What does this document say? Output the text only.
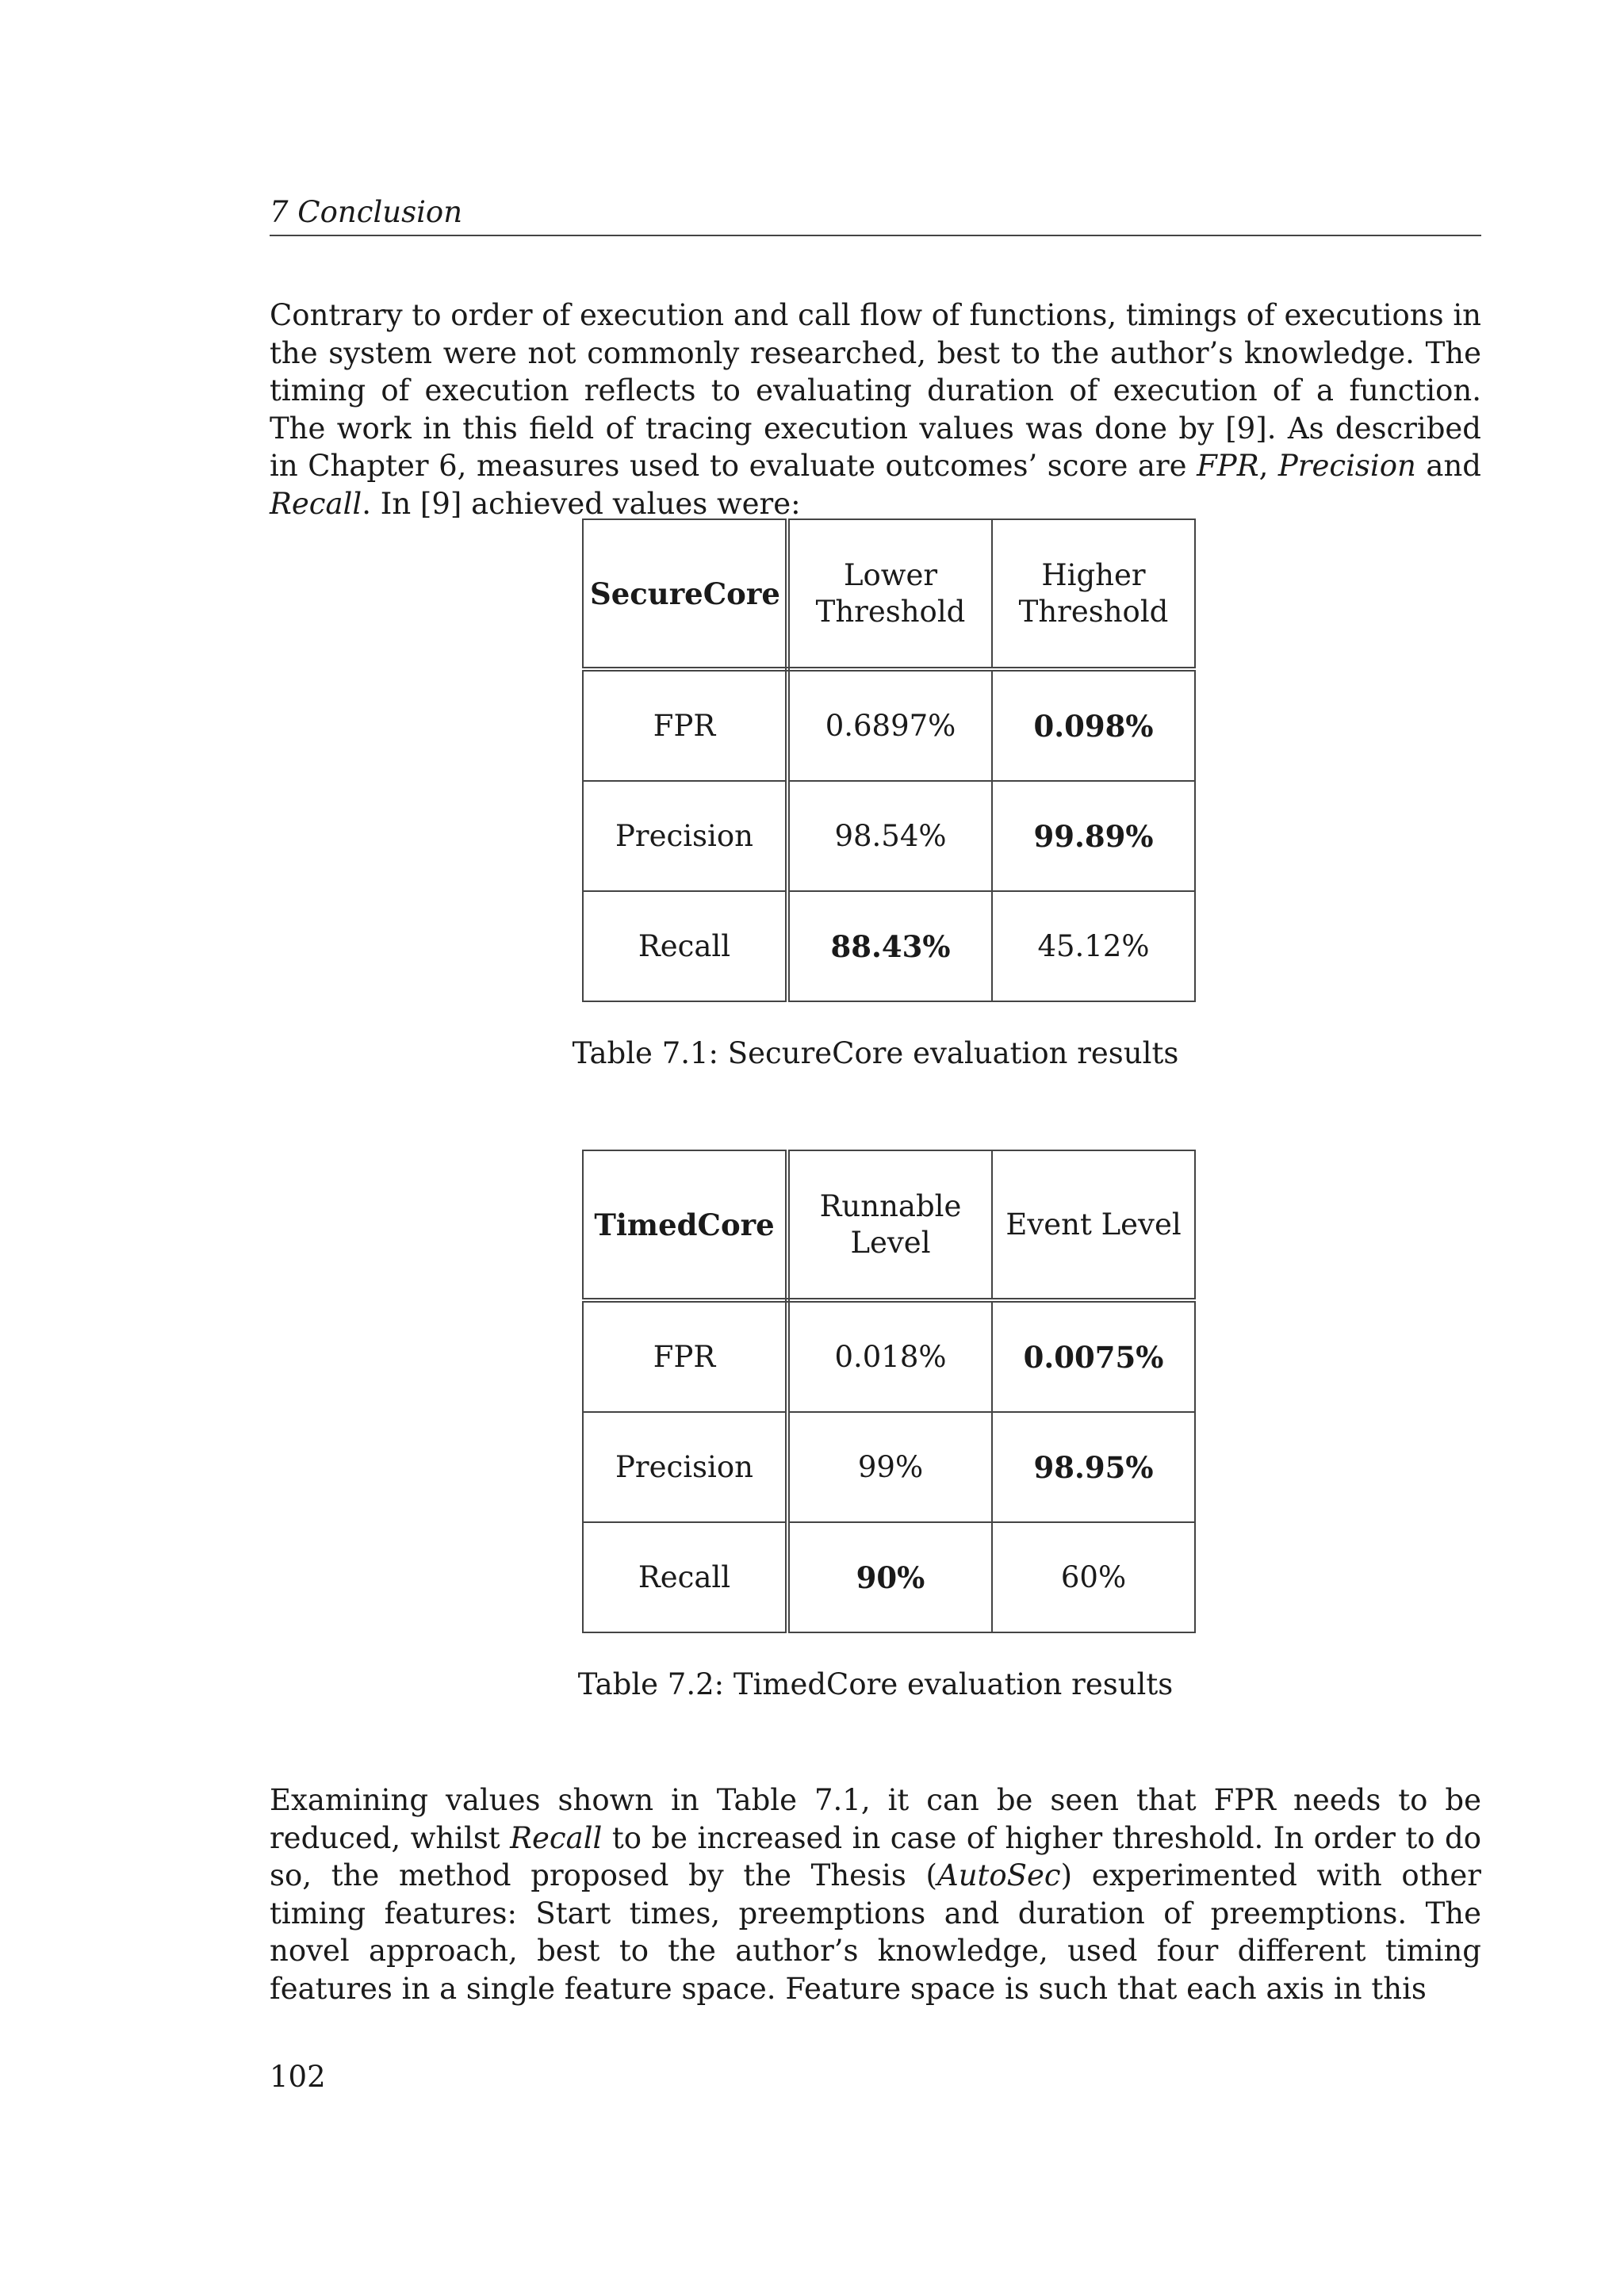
7 Conclusion
Contrary to order of execution and call flow of functions, timings of executions in the system were not commonly researched, best to the author’s knowledge. The timing of execution reflects to evaluating duration of execution of a function. The work in this field of tracing execution values was done by [9]. As described in Chapter 6, measures used to evaluate outcomes’ score are FPR, Precision and Recall. In [9] achieved values were:
SecureCore	Lower Threshold	Higher Threshold
FPR	0.6897%	0.098%
Precision	98.54%	99.89%
Recall	88.43%	45.12%
Table 7.1: SecureCore evaluation results
TimedCore	Runnable Level	Event Level
FPR	0.018%	0.0075%
Precision	99%	98.95%
Recall	90%	60%
Table 7.2: TimedCore evaluation results
Examining values shown in Table 7.1, it can be seen that FPR needs to be reduced, whilst Recall to be increased in case of higher threshold. In order to do so, the method proposed by the Thesis (AutoSec) experimented with other timing features: Start times, preemptions and duration of preemptions. The novel approach, best to the author’s knowledge, used four different timing features in a single feature space. Feature space is such that each axis in this
102
